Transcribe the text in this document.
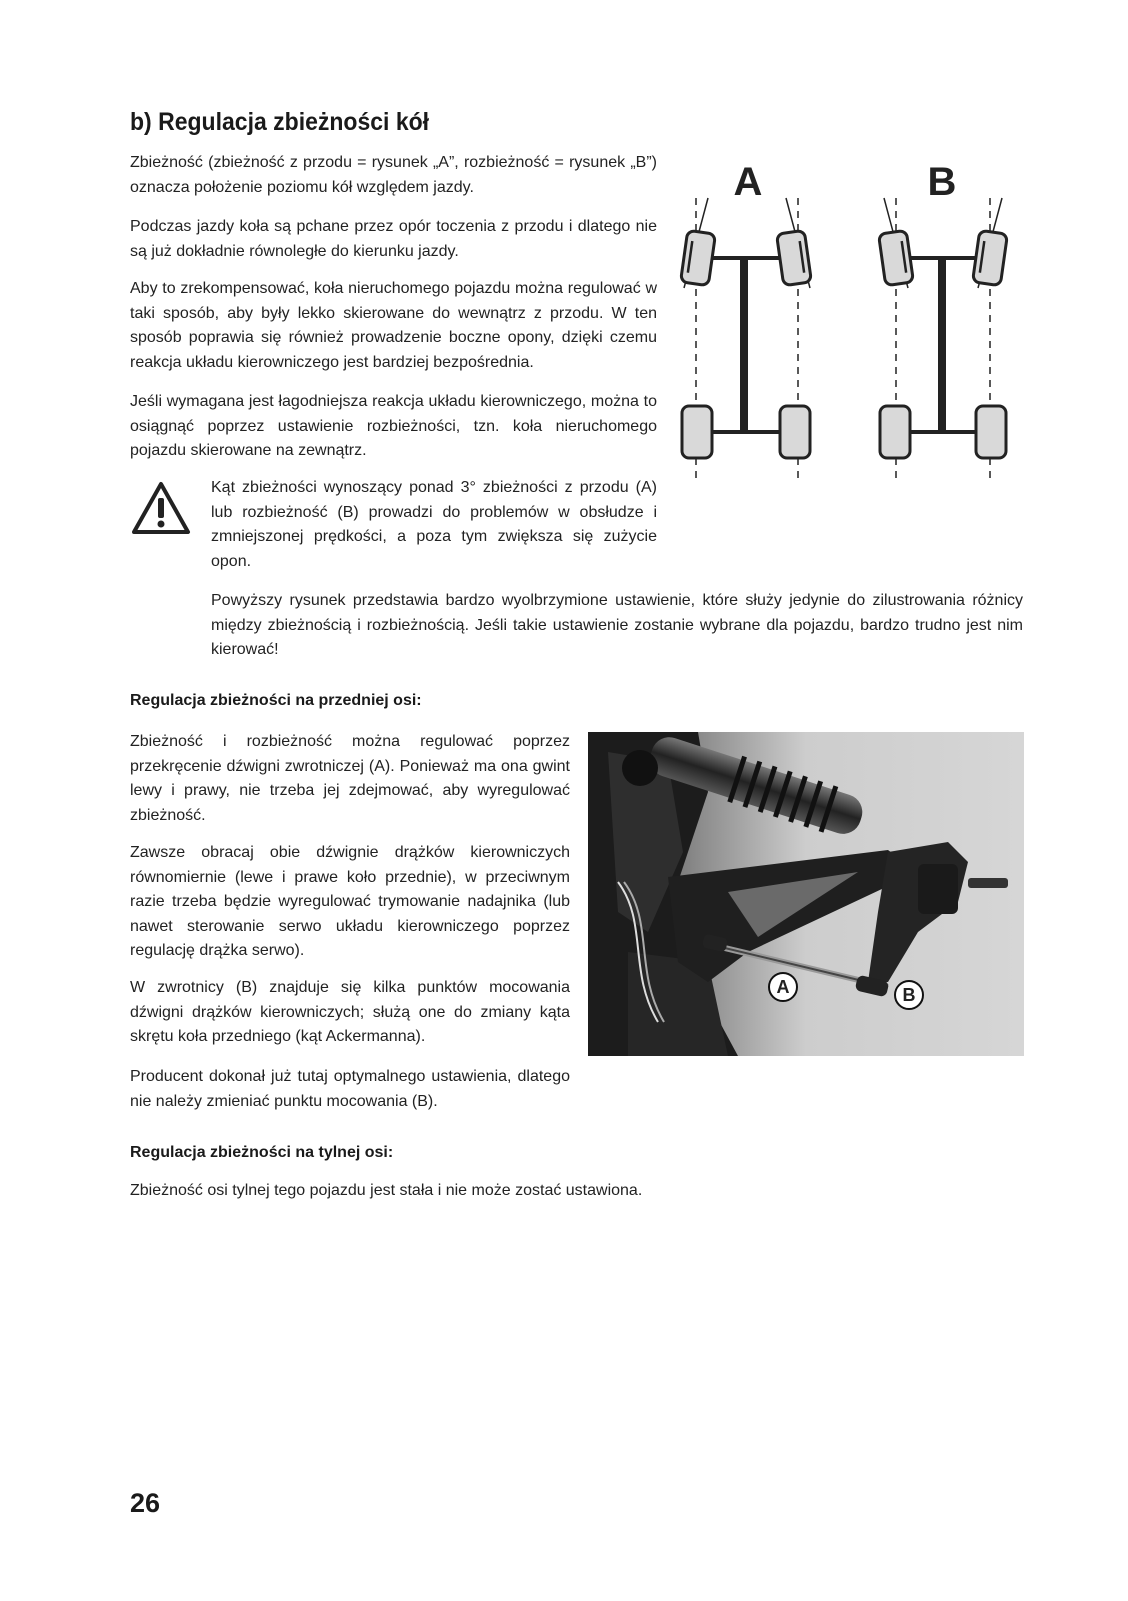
b) Regulacja zbieżności kół

Zbieżność (zbieżność z przodu = rysunek „A”, rozbieżność = rysunek „B”) oznacza położenie poziomu kół względem jazdy.

Podczas jazdy koła są pchane przez opór toczenia z przodu i dlatego nie są już dokładnie równoległe do kierunku jazdy.

Aby to zrekompensować, koła nieruchomego pojazdu można regulować w taki sposób, aby były lekko skierowane do wewnątrz z przodu. W ten sposób poprawia się również prowadzenie boczne opony, dzięki czemu reakcja układu kierowniczego jest bardziej bezpośrednia.

Jeśli wymagana jest łagodniejsza reakcja układu kierowniczego, można to osiągnąć poprzez ustawienie rozbieżności, tzn. koła nieruchomego pojazdu skierowane na zewnątrz.

A	B

Kąt zbieżności wynoszący ponad 3° zbieżności z przodu (A) lub rozbieżność (B) prowadzi do problemów w obsłudze i zmniejszonej prędkości, a poza tym zwiększa się zużycie opon.

Powyższy rysunek przedstawia bardzo wyolbrzymione ustawienie, które służy jedynie do zilustrowania różnicy między zbieżnością i rozbieżnością. Jeśli takie ustawienie zostanie wybrane dla pojazdu, bardzo trudno jest nim kierować!

Regulacja zbieżności na przedniej osi:

Zbieżność i rozbieżność można regulować poprzez przekręcenie dźwigni zwrotniczej (A). Ponieważ ma ona gwint lewy i prawy, nie trzeba jej zdejmować, aby wyregulować zbieżność.

Zawsze obracaj obie dźwignie drążków kierowniczych równomiernie (lewe i prawe koło przednie), w przeciwnym razie trzeba będzie wyregulować trymowanie nadajnika (lub nawet sterowanie serwo układu kierowniczego poprzez regulację drążka serwo).

W zwrotnicy (B) znajduje się kilka punktów mocowania dźwigni drążków kierowniczych; służą one do zmiany kąta skrętu koła przedniego (kąt Ackermanna).

Producent dokonał już tutaj optymalnego ustawienia, dlatego nie należy zmieniać punktu mocowania (B).

A	B
Regulacja zbieżności na tylnej osi:

Zbieżność osi tylnej tego pojazdu jest stała i nie może zostać ustawiona.

26
